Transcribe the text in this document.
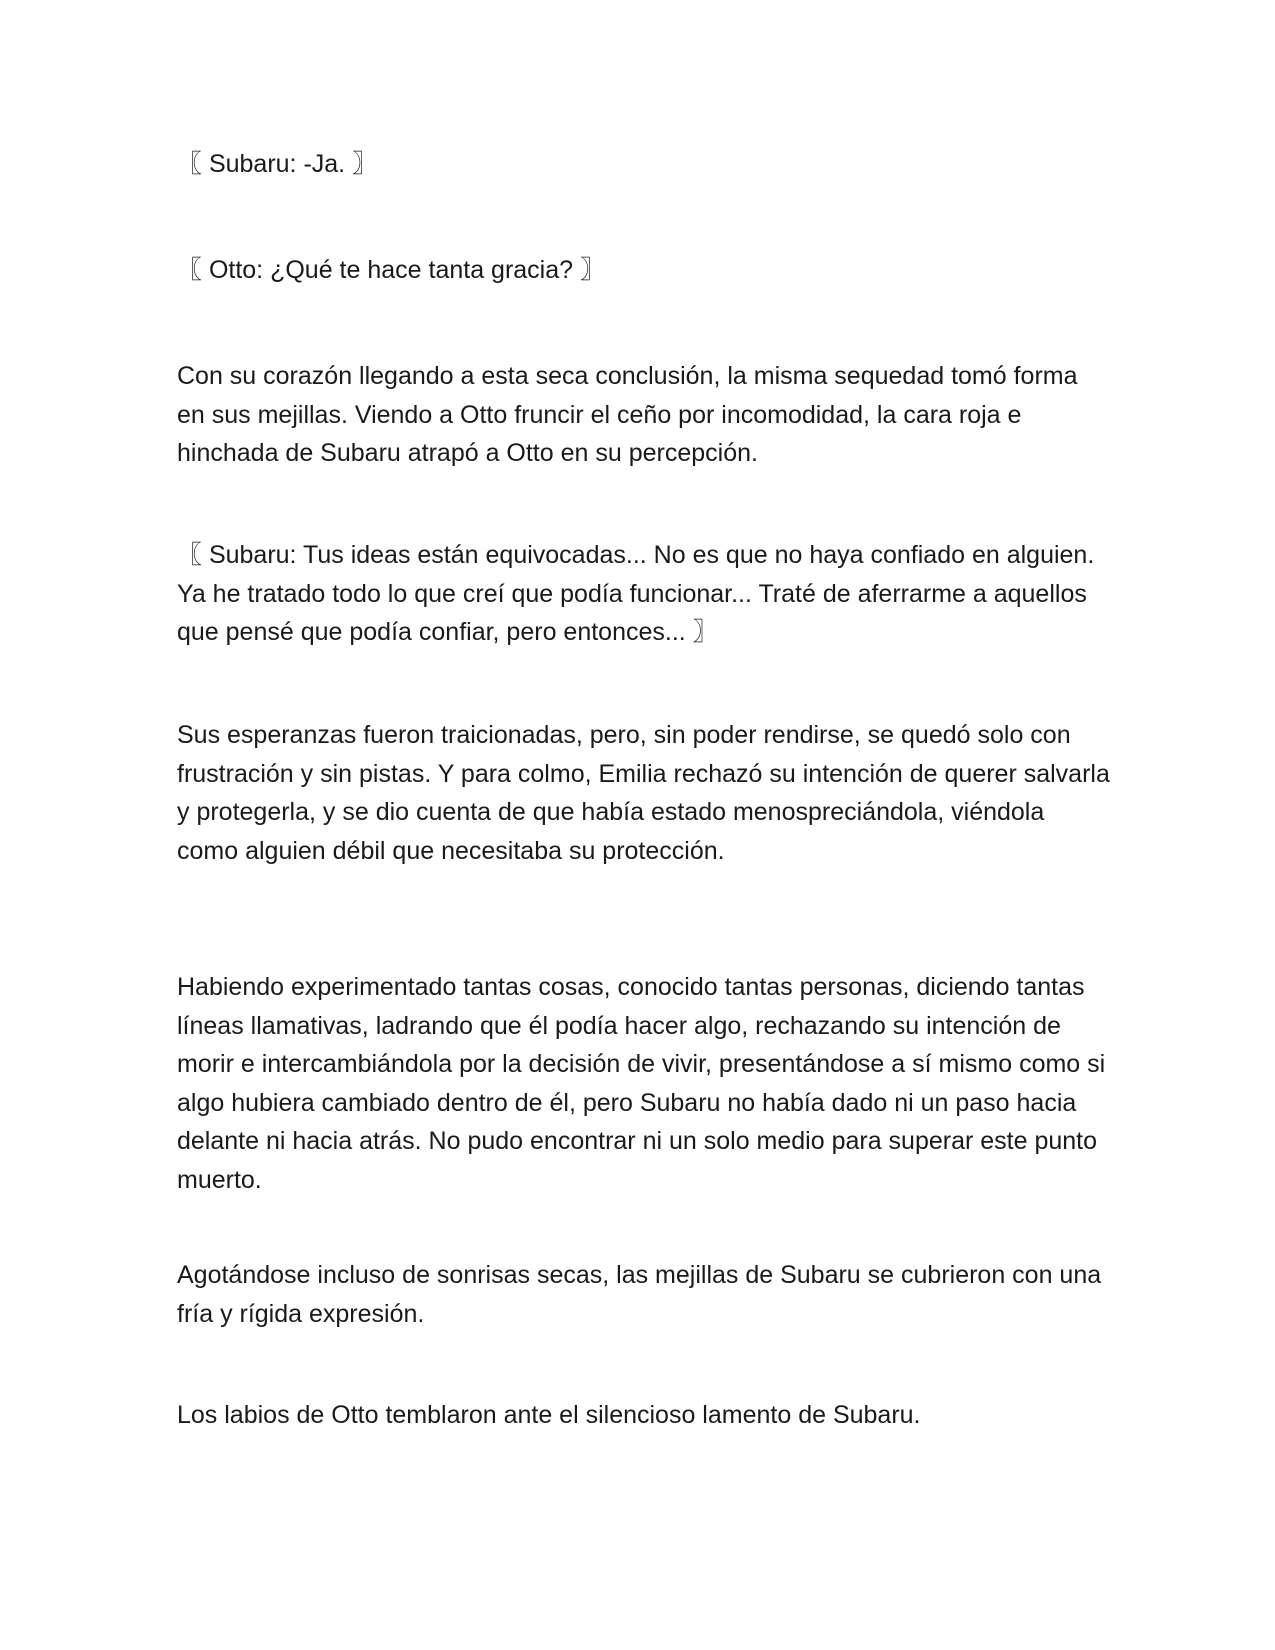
〖 Subaru: -Ja. 〗

〖 Otto: ¿Qué te hace tanta gracia? 〗

Con su corazón llegando a esta seca conclusión, la misma sequedad tomó forma en sus mejillas. Viendo a Otto fruncir el ceño por incomodidad, la cara roja e hinchada de Subaru atrapó a Otto en su percepción.

〖 Subaru: Tus ideas están equivocadas... No es que no haya confiado en alguien. Ya he tratado todo lo que creí que podía funcionar... Traté de aferrarme a aquellos que pensé que podía confiar, pero entonces... 〗

Sus esperanzas fueron traicionadas, pero, sin poder rendirse, se quedó solo con frustración y sin pistas. Y para colmo, Emilia rechazó su intención de querer salvarla y protegerla, y se dio cuenta de que había estado menospreciándola, viéndola como alguien débil que necesitaba su protección.

Habiendo experimentado tantas cosas, conocido tantas personas, diciendo tantas líneas llamativas, ladrando que él podía hacer algo, rechazando su intención de morir e intercambiándola por la decisión de vivir, presentándose a sí mismo como si algo hubiera cambiado dentro de él, pero Subaru no había dado ni un paso hacia delante ni hacia atrás. No pudo encontrar ni un solo medio para superar este punto muerto.

Agotándose incluso de sonrisas secas, las mejillas de Subaru se cubrieron con una fría y rígida expresión.

Los labios de Otto temblaron ante el silencioso lamento de Subaru.
